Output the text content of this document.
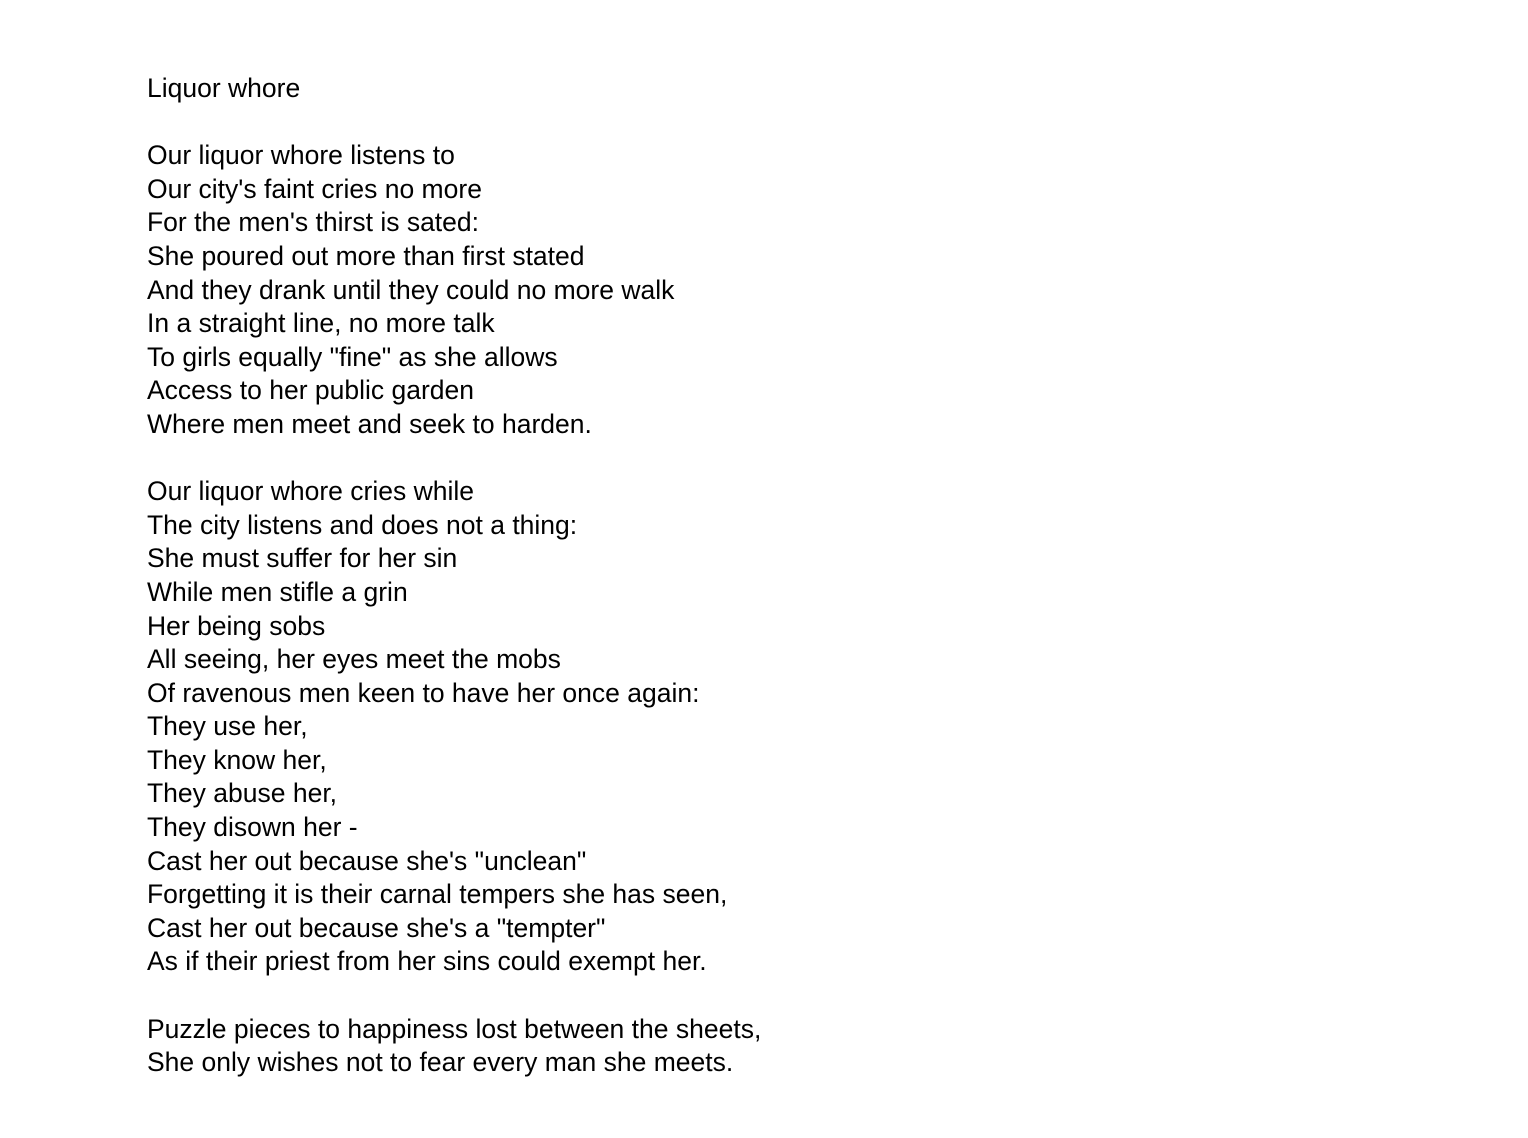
Liquor whore

Our liquor whore listens to

Our city's faint cries no more

For the men's thirst is sated:

She poured out more than first stated

And they drank until they could no more walk

In a straight line, no more talk

To girls equally "fine" as she allows

Access to her public garden

Where men meet and seek to harden.

Our liquor whore cries while

The city listens and does not a thing:

She must suffer for her sin

While men stifle a grin

Her being sobs

All seeing, her eyes meet the mobs

Of ravenous men keen to have her once again:

They use her,

They know her,

They abuse her,

They disown her -

Cast her out because she's "unclean"

Forgetting it is their carnal tempers she has seen,

Cast her out because she's a "tempter"

As if their priest from her sins could exempt her.

Puzzle pieces to happiness lost between the sheets,

She only wishes not to fear every man she meets.
